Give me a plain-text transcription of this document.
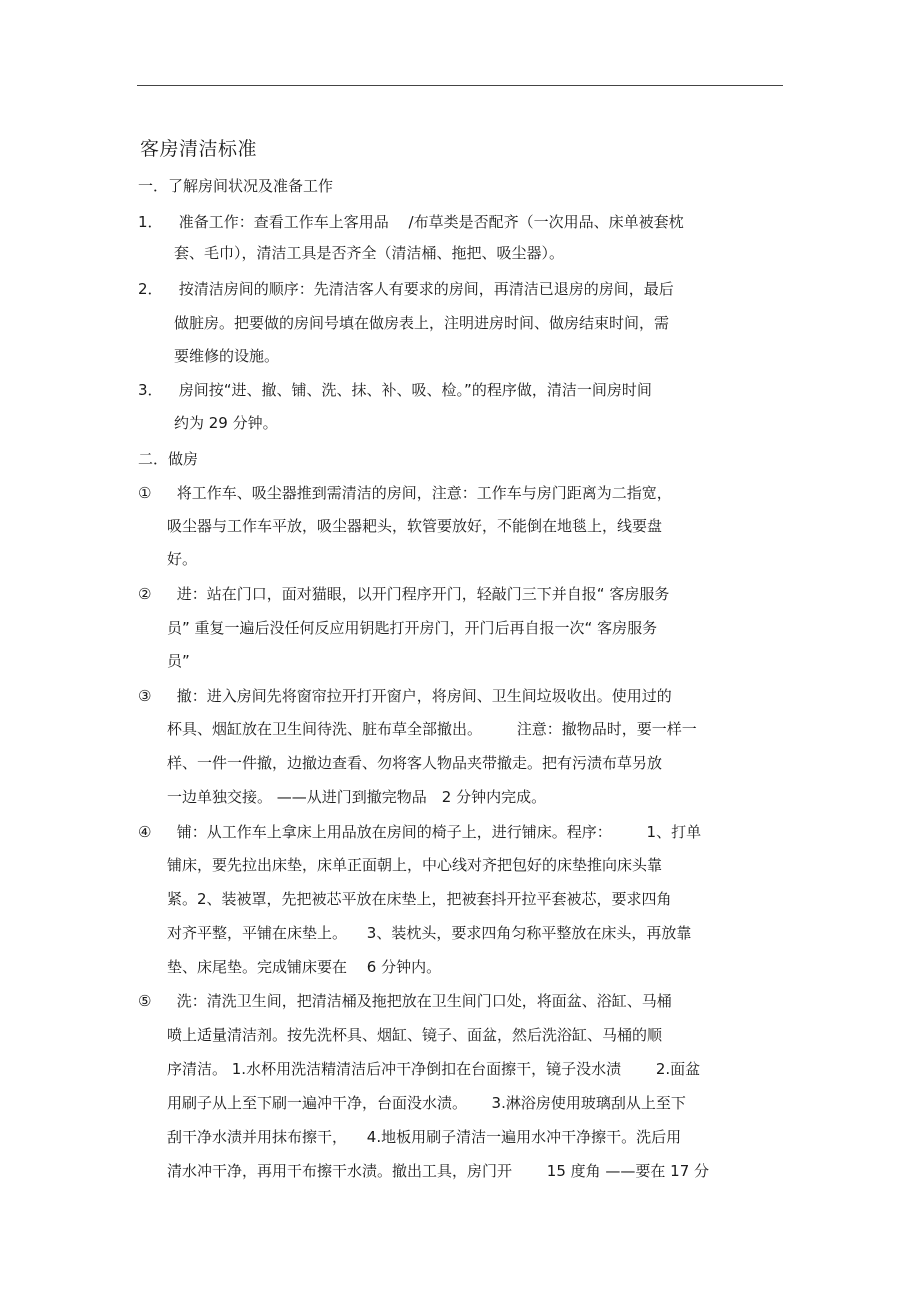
客房清洁标准
一．了解房间状况及准备工作
1． 准备工作：查看工作车上客用品 　/布草类是否配齐（一次用品、床单被套枕
套、毛巾），清洁工具是否齐全（清洁桶、拖把、吸尘器）。
2． 按清洁房间的顺序：先清洁客人有要求的房间，再清洁已退房的房间，最后
做脏房。把要做的房间号填在做房表上，注明进房时间、做房结束时间，需
要维修的设施。
3． 房间按“进、撤、铺、洗、抹、补、吸、检。”的程序做，清洁一间房时间
约为 29 分钟。
二．做房
① 将工作车、吸尘器推到需清洁的房间，注意：工作车与房门距离为二指宽，
吸尘器与工作车平放，吸尘器耙头，软管要放好，不能倒在地毯上，线要盘
好。
② 进：站在门口，面对猫眼，以开门程序开门，轻敲门三下并自报“ 客房服务
员” 重复一遍后没任何反应用钥匙打开房门，开门后再自报一次“ 客房服务
员”
③ 撤：进入房间先将窗帘拉开打开窗户，将房间、卫生间垃圾收出。使用过的
杯具、烟缸放在卫生间待洗、脏布草全部撤出。 　　注意：撤物品时，要一样一
样、一件一件撤，边撤边查看、勿将客人物品夹带撤走。把有污渍布草另放
一边单独交接。 ——从进门到撤完物品　2 分钟内完成。
④ 铺：从工作车上拿床上用品放在房间的椅子上，进行铺床。程序： 　　1、打单
铺床，要先拉出床垫，床单正面朝上，中心线对齐把包好的床垫推向床头靠
紧。2、装被罩，先把被芯平放在床垫上，把被套抖开拉平套被芯，要求四角
对齐平整，平铺在床垫上。 　3、装枕头，要求四角匀称平整放在床头，再放靠
垫、床尾垫。完成铺床要在 　6 分钟内。
⑤ 洗：清洗卫生间，把清洁桶及拖把放在卫生间门口处，将面盆、浴缸、马桶
喷上适量清洁剂。按先洗杯具、烟缸、镜子、面盆，然后洗浴缸、马桶的顺
序清洁。 1.水杯用洗洁精清洁后冲干净倒扣在台面擦干，镜子没水渍 　　2.面盆
用刷子从上至下刷一遍冲干净，台面没水渍。 　 3.淋浴房使用玻璃刮从上至下
刮干净水渍并用抹布擦干， 　4.地板用刷子清洁一遍用水冲干净擦干。洗后用
清水冲干净，再用干布擦干水渍。撤出工具，房门开 　　15 度角 ——要在 17 分
